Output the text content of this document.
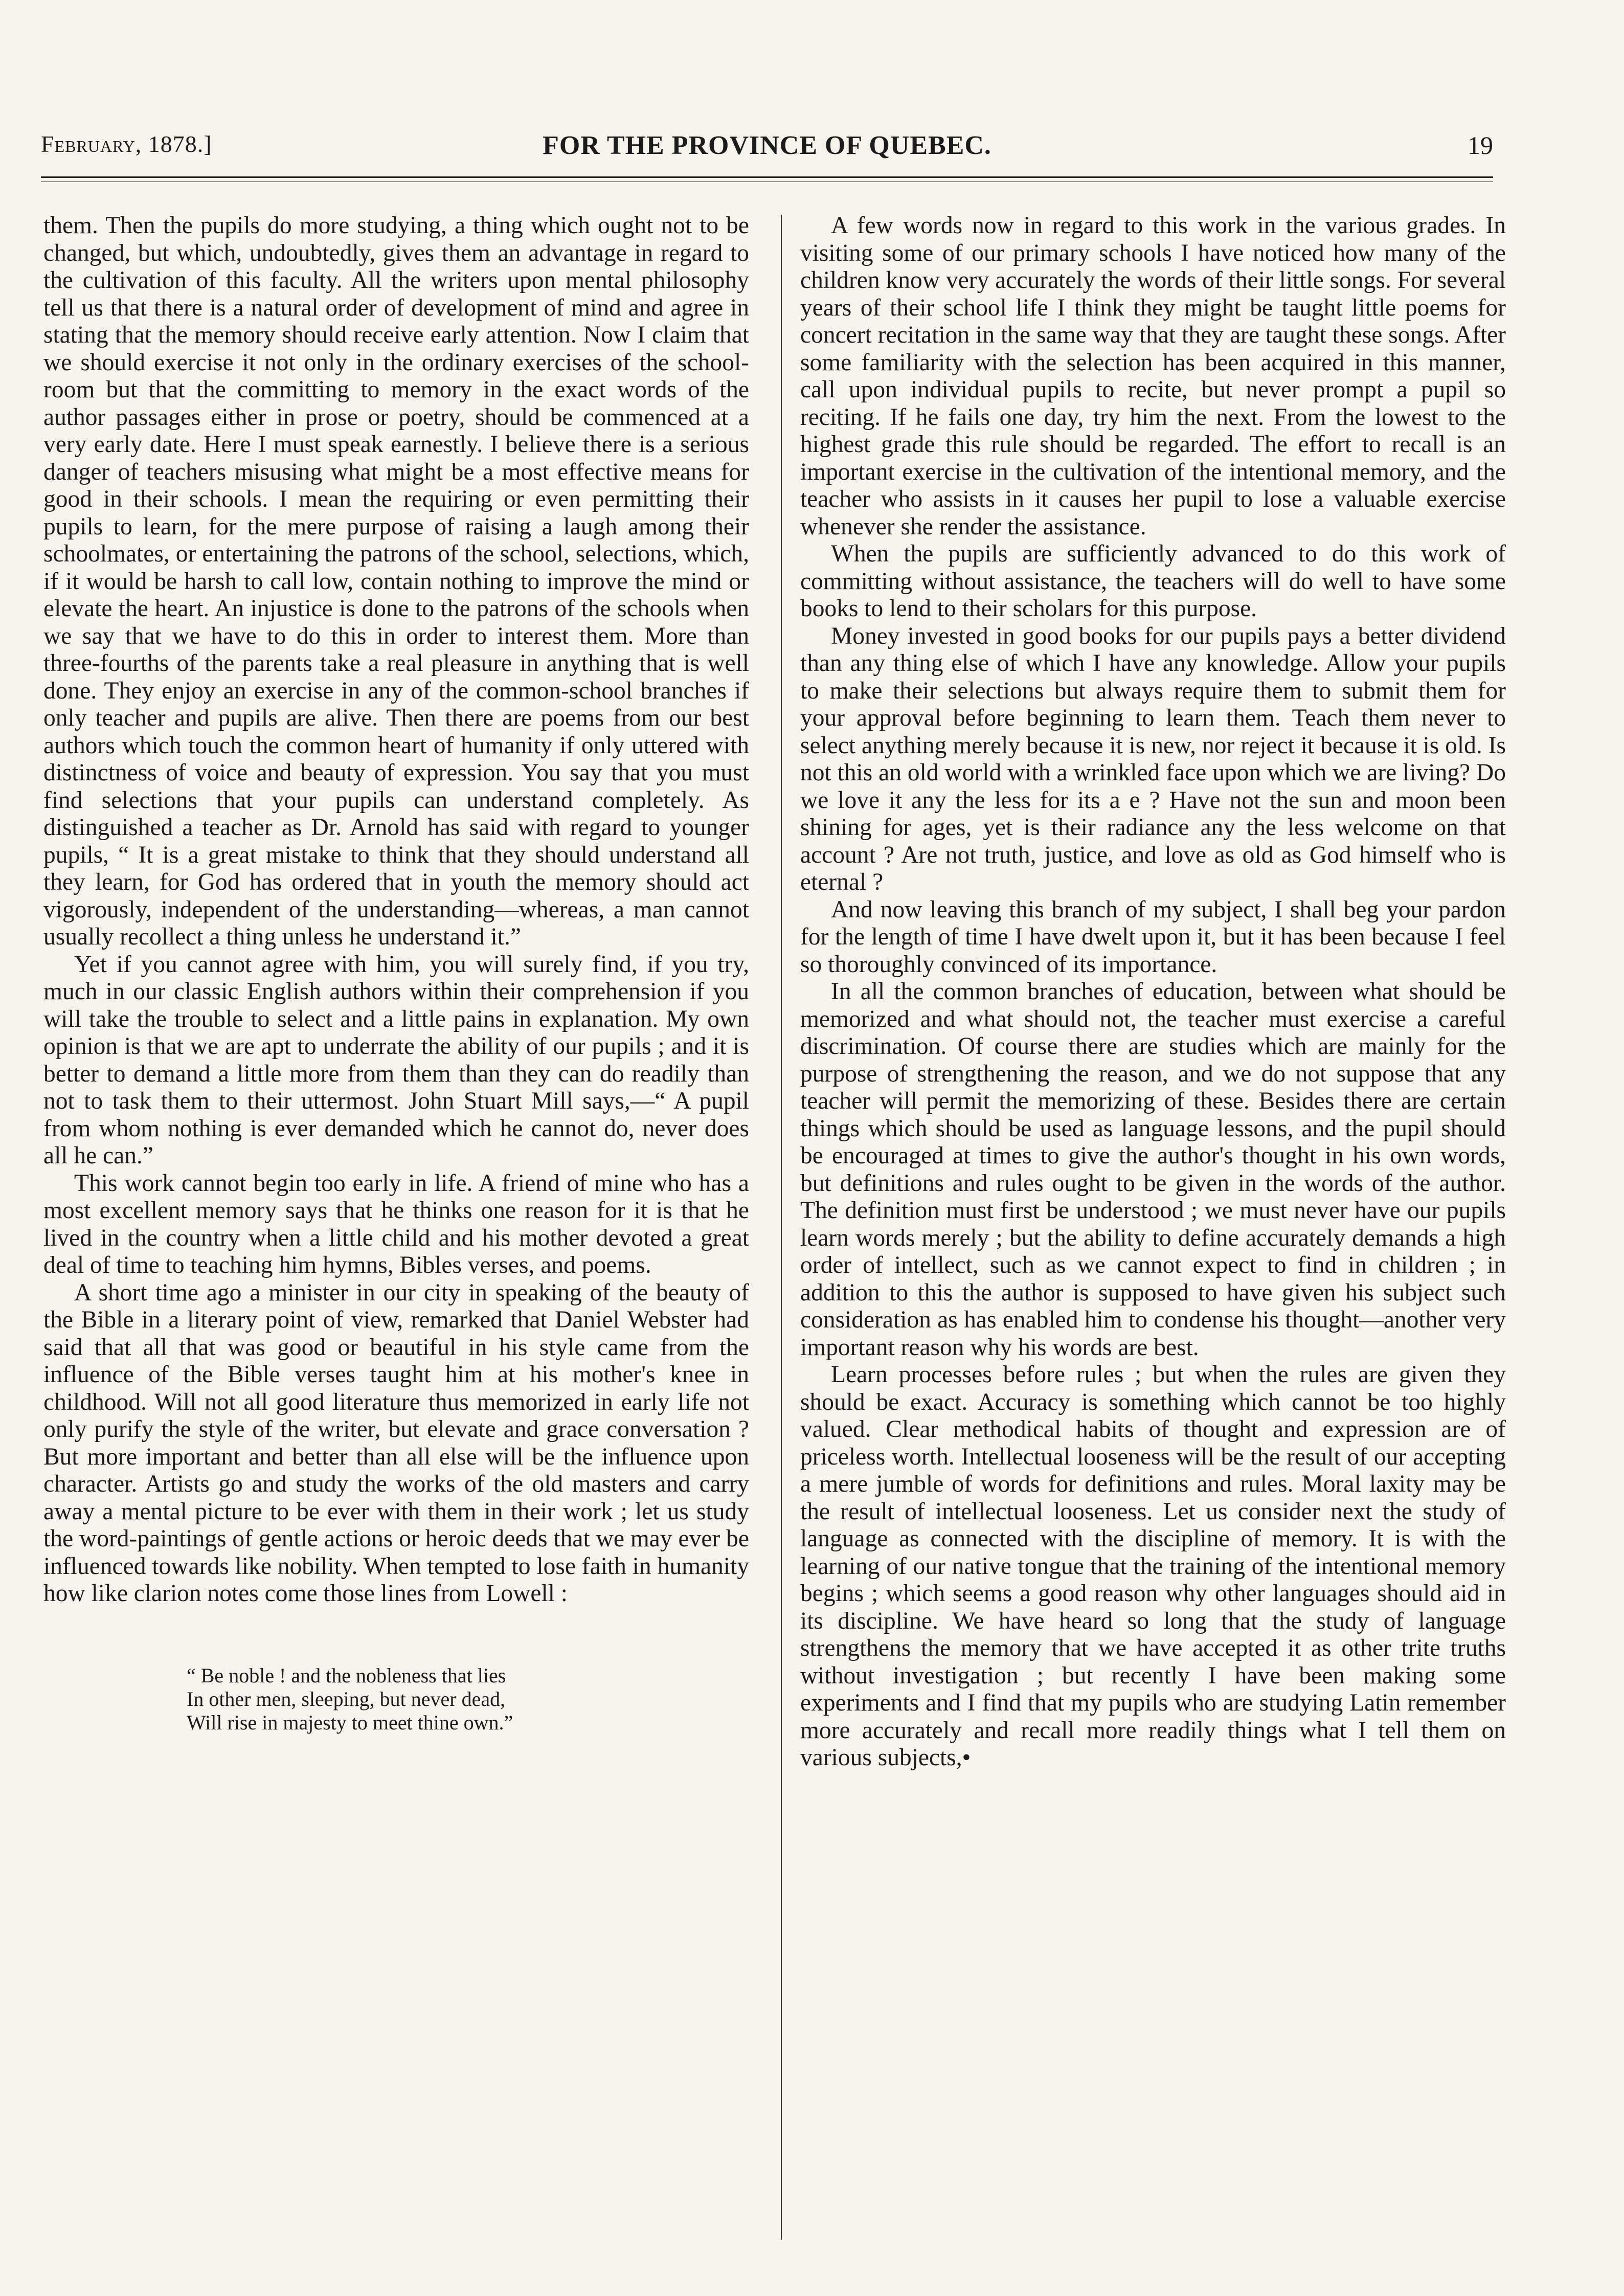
February, 1878.]	FOR THE PROVINCE OF QUEBEC.	19

them. Then the pupils do more studying, a thing which ought not to be changed, but which, undoubtedly, gives them an advantage in regard to the cultivation of this faculty. All the writers upon mental philosophy tell us that there is a natural order of development of mind and agree in stating that the memory should receive early attention. Now I claim that we should exercise it not only in the ordinary exercises of the school-room but that the committing to memory in the exact words of the author passages either in prose or poetry, should be commenced at a very early date. Here I must speak earnestly. I believe there is a serious danger of teachers misusing what might be a most effective means for good in their schools. I mean the requiring or even permitting their pupils to learn, for the mere purpose of raising a laugh among their schoolmates, or entertaining the patrons of the school, selections, which, if it would be harsh to call low, contain nothing to improve the mind or elevate the heart. An injustice is done to the patrons of the schools when we say that we have to do this in order to interest them. More than three-fourths of the parents take a real pleasure in anything that is well done. They enjoy an exercise in any of the common-school branches if only teacher and pupils are alive. Then there are poems from our best authors which touch the common heart of humanity if only uttered with distinctness of voice and beauty of expression. You say that you must find selections that your pupils can understand completely. As distinguished a teacher as Dr. Arnold has said with regard to younger pupils, “ It is a great mistake to think that they should understand all they learn, for God has ordered that in youth the memory should act vigorously, independent of the understanding—whereas, a man cannot usually recollect a thing unless he understand it.”

Yet if you cannot agree with him, you will surely find, if you try, much in our classic English authors within their comprehension if you will take the trouble to select and a little pains in explanation. My own opinion is that we are apt to underrate the ability of our pupils ; and it is better to demand a little more from them than they can do readily than not to task them to their uttermost. John Stuart Mill says,—“ A pupil from whom nothing is ever demanded which he cannot do, never does all he can.”

This work cannot begin too early in life. A friend of mine who has a most excellent memory says that he thinks one reason for it is that he lived in the country when a little child and his mother devoted a great deal of time to teaching him hymns, Bibles verses, and poems.

A short time ago a minister in our city in speaking of the beauty of the Bible in a literary point of view, remarked that Daniel Webster had said that all that was good or beautiful in his style came from the influence of the Bible verses taught him at his mother's knee in childhood. Will not all good literature thus memorized in early life not only purify the style of the writer, but elevate and grace conversation ? But more important and better than all else will be the influence upon character. Artists go and study the works of the old masters and carry away a mental picture to be ever with them in their work ; let us study the word-paintings of gentle actions or heroic deeds that we may ever be influenced towards like nobility. When tempted to lose faith in humanity how like clarion notes come those lines from Lowell :

“ Be noble ! and the nobleness that lies
In other men, sleeping, but never dead,
Will rise in majesty to meet thine own.”

A few words now in regard to this work in the various grades. In visiting some of our primary schools I have noticed how many of the children know very accurately the words of their little songs. For several years of their school life I think they might be taught little poems for concert recitation in the same way that they are taught these songs. After some familiarity with the selection has been acquired in this manner, call upon individual pupils to recite, but never prompt a pupil so reciting. If he fails one day, try him the next. From the lowest to the highest grade this rule should be regarded. The effort to recall is an important exercise in the cultivation of the intentional memory, and the teacher who assists in it causes her pupil to lose a valuable exercise whenever she render the assistance.

When the pupils are sufficiently advanced to do this work of committing without assistance, the teachers will do well to have some books to lend to their scholars for this purpose.

Money invested in good books for our pupils pays a better dividend than any thing else of which I have any knowledge. Allow your pupils to make their selections but always require them to submit them for your approval before beginning to learn them. Teach them never to select anything merely because it is new, nor reject it because it is old. Is not this an old world with a wrinkled face upon which we are living? Do we love it any the less for its a e ? Have not the sun and moon been shining for ages, yet is their radiance any the less welcome on that account ? Are not truth, justice, and love as old as God himself who is eternal ?

And now leaving this branch of my subject, I shall beg your pardon for the length of time I have dwelt upon it, but it has been because I feel so thoroughly convinced of its importance.

In all the common branches of education, between what should be memorized and what should not, the teacher must exercise a careful discrimination. Of course there are studies which are mainly for the purpose of strengthening the reason, and we do not suppose that any teacher will permit the memorizing of these. Besides there are certain things which should be used as language lessons, and the pupil should be encouraged at times to give the author's thought in his own words, but definitions and rules ought to be given in the words of the author. The definition must first be understood ; we must never have our pupils learn words merely ; but the ability to define accurately demands a high order of intellect, such as we cannot expect to find in children ; in addition to this the author is supposed to have given his subject such consideration as has enabled him to condense his thought—another very important reason why his words are best.

Learn processes before rules ; but when the rules are given they should be exact. Accuracy is something which cannot be too highly valued. Clear methodical habits of thought and expression are of priceless worth. Intellectual looseness will be the result of our accepting a mere jumble of words for definitions and rules. Moral laxity may be the result of intellectual looseness. Let us consider next the study of language as connected with the discipline of memory. It is with the learning of our native tongue that the training of the intentional memory begins ; which seems a good reason why other languages should aid in its discipline. We have heard so long that the study of language strengthens the memory that we have accepted it as other trite truths without investigation ; but recently I have been making some experiments and I find that my pupils who are studying Latin remember more accurately and recall more readily things what I tell them on various subjects,•
